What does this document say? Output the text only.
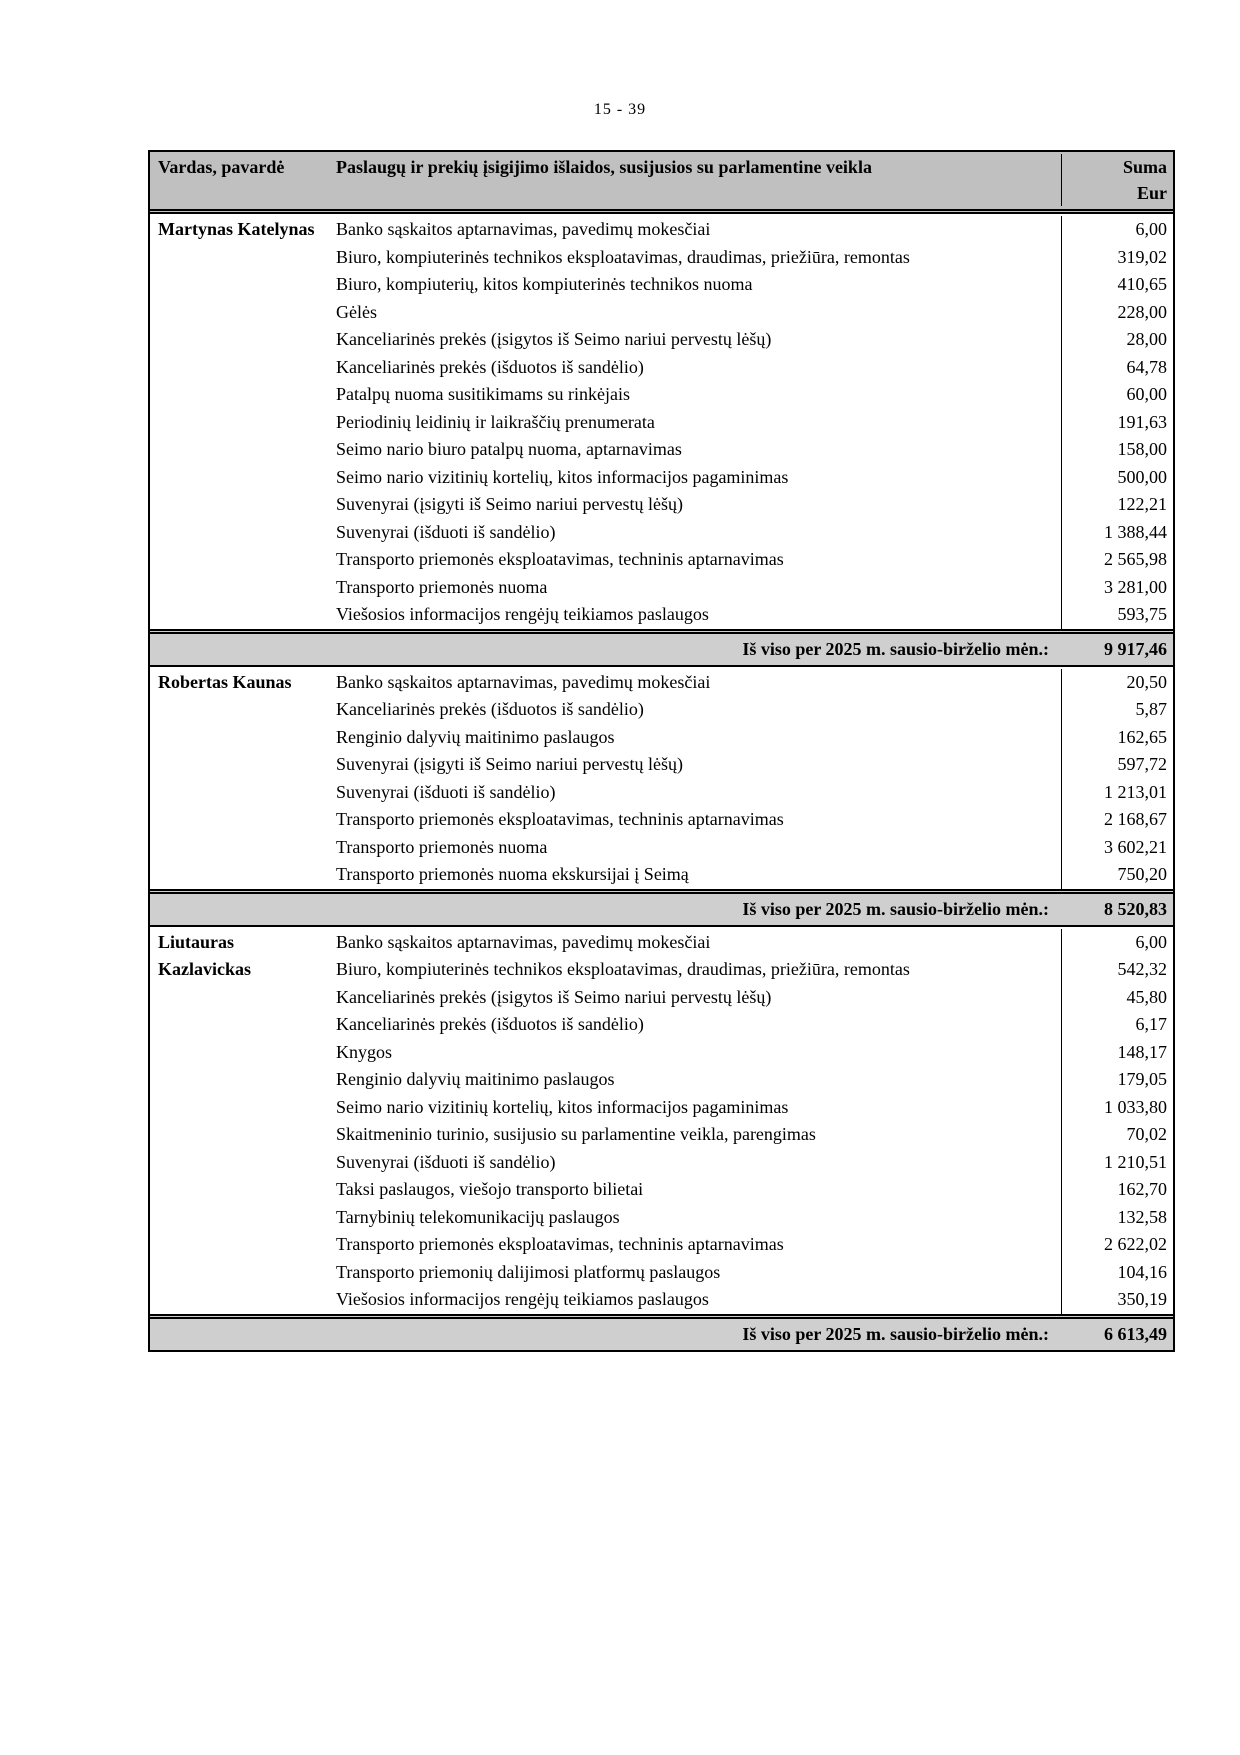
15 - 39
Vardas, pavardė	Paslaugų ir prekių įsigijimo išlaidos, susijusios su parlamentine veikla	Suma
Eur
Martynas Katelynas	Banko sąskaitos aptarnavimas, pavedimų mokesčiai	6,00
Biuro, kompiuterinės technikos eksploatavimas, draudimas, priežiūra, remontas	319,02
Biuro, kompiuterių, kitos kompiuterinės technikos nuoma	410,65
Gėlės	228,00
Kanceliarinės prekės (įsigytos iš Seimo nariui pervestų lėšų)	28,00
Kanceliarinės prekės (išduotos iš sandėlio)	64,78
Patalpų nuoma susitikimams su rinkėjais	60,00
Periodinių leidinių ir laikraščių prenumerata	191,63
Seimo nario biuro patalpų nuoma, aptarnavimas	158,00
Seimo nario vizitinių kortelių, kitos informacijos pagaminimas	500,00
Suvenyrai (įsigyti iš Seimo nariui pervestų lėšų)	122,21
Suvenyrai (išduoti iš sandėlio)	1 388,44
Transporto priemonės eksploatavimas, techninis aptarnavimas	2 565,98
Transporto priemonės nuoma	3 281,00
Viešosios informacijos rengėjų teikiamos paslaugos	593,75
Iš viso per 2025 m. sausio-birželio mėn.:	9 917,46
Robertas Kaunas	Banko sąskaitos aptarnavimas, pavedimų mokesčiai	20,50
Kanceliarinės prekės (išduotos iš sandėlio)	5,87
Renginio dalyvių maitinimo paslaugos	162,65
Suvenyrai (įsigyti iš Seimo nariui pervestų lėšų)	597,72
Suvenyrai (išduoti iš sandėlio)	1 213,01
Transporto priemonės eksploatavimas, techninis aptarnavimas	2 168,67
Transporto priemonės nuoma	3 602,21
Transporto priemonės nuoma ekskursijai į Seimą	750,20
Iš viso per 2025 m. sausio-birželio mėn.:	8 520,83
Liutauras Kazlavickas
Banko sąskaitos aptarnavimas, pavedimų mokesčiai	6,00
Biuro, kompiuterinės technikos eksploatavimas, draudimas, priežiūra, remontas	542,32
Kanceliarinės prekės (įsigytos iš Seimo nariui pervestų lėšų)	45,80
Kanceliarinės prekės (išduotos iš sandėlio)	6,17
Knygos	148,17
Renginio dalyvių maitinimo paslaugos	179,05
Seimo nario vizitinių kortelių, kitos informacijos pagaminimas	1 033,80
Skaitmeninio turinio, susijusio su parlamentine veikla, parengimas	70,02
Suvenyrai (išduoti iš sandėlio)	1 210,51
Taksi paslaugos, viešojo transporto bilietai	162,70
Tarnybinių telekomunikacijų paslaugos	132,58
Transporto priemonės eksploatavimas, techninis aptarnavimas	2 622,02
Transporto priemonių dalijimosi platformų paslaugos	104,16
Viešosios informacijos rengėjų teikiamos paslaugos	350,19
Iš viso per 2025 m. sausio-birželio mėn.:	6 613,49
